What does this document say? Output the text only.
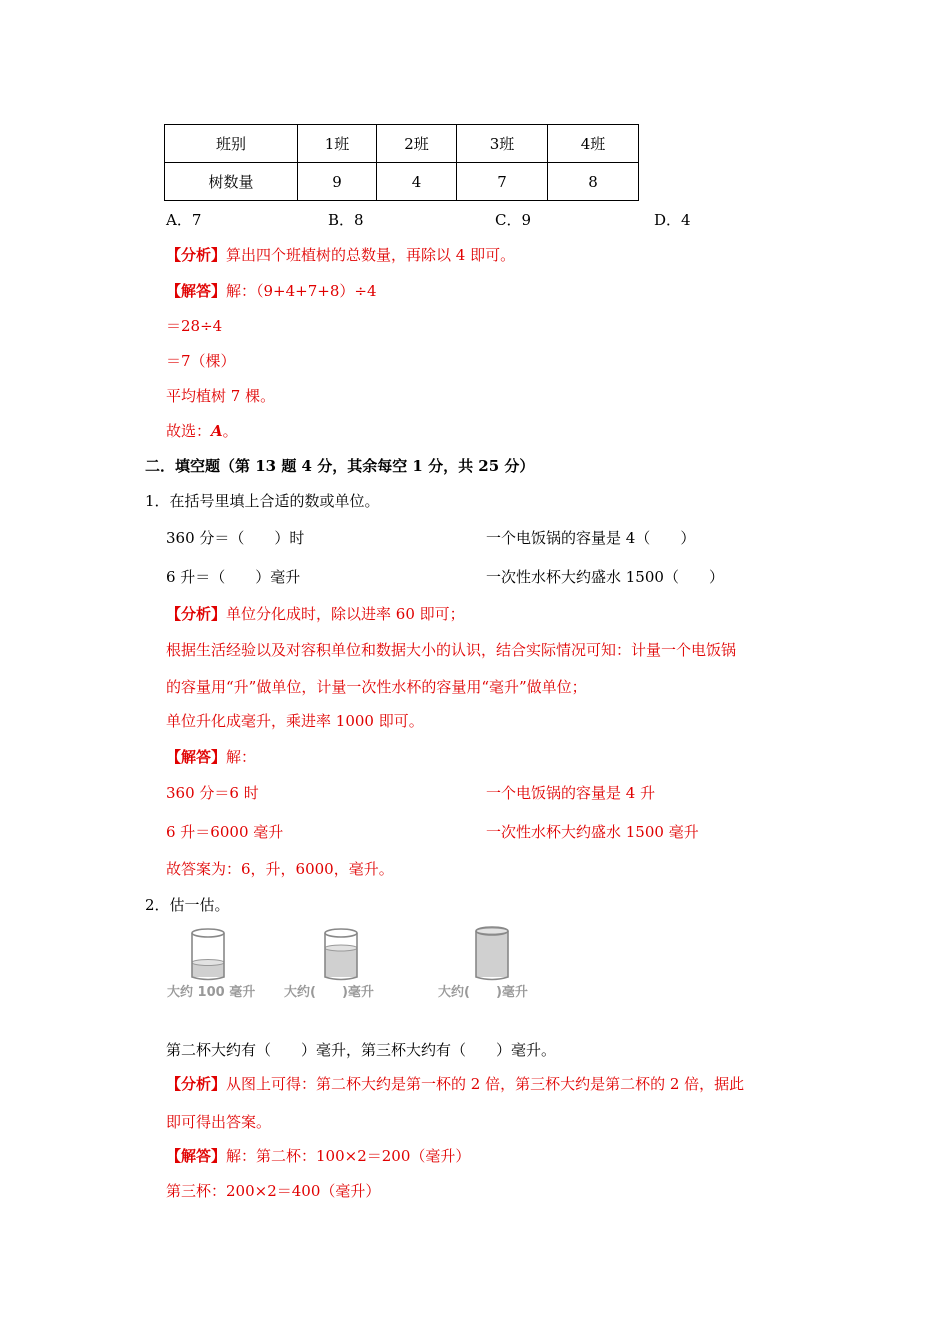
班别	1班	2班	3班	4班
树数量	9	4	7	8
A．7	B．8	C．9	D．4
【分析】算出四个班植树的总数量，再除以 4 即可。
【解答】解：（9+4+7+8）÷4
＝28÷4
＝7（棵）
平均植树 7 棵。
故选：A。
二．填空题（第 13 题 4 分，其余每空 1 分，共 25 分）
1．在括号里填上合适的数或单位。
360 分＝（　　）时	一个电饭锅的容量是 4（　　）
6 升＝（　　）毫升	一次性水杯大约盛水 1500（　　）
【分析】单位分化成时，除以进率 60 即可；
根据生活经验以及对容积单位和数据大小的认识，结合实际情况可知：计量一个电饭锅
的容量用“升”做单位，计量一次性水杯的容量用“毫升”做单位；
单位升化成毫升，乘进率 1000 即可。
【解答】解：
360 分＝6 时	一个电饭锅的容量是 4 升
6 升＝6000 毫升	一次性水杯大约盛水 1500 毫升
故答案为：6，升，6000，毫升。
2．估一估。
大约 100 毫升 大约(　　)毫升	大约(　　)毫升
第二杯大约有（　　）毫升，第三杯大约有（　　）毫升。
【分析】从图上可得：第二杯大约是第一杯的 2 倍，第三杯大约是第二杯的 2 倍，据此
即可得出答案。
【解答】解：第二杯：100×2＝200（毫升）
第三杯：200×2＝400（毫升）
